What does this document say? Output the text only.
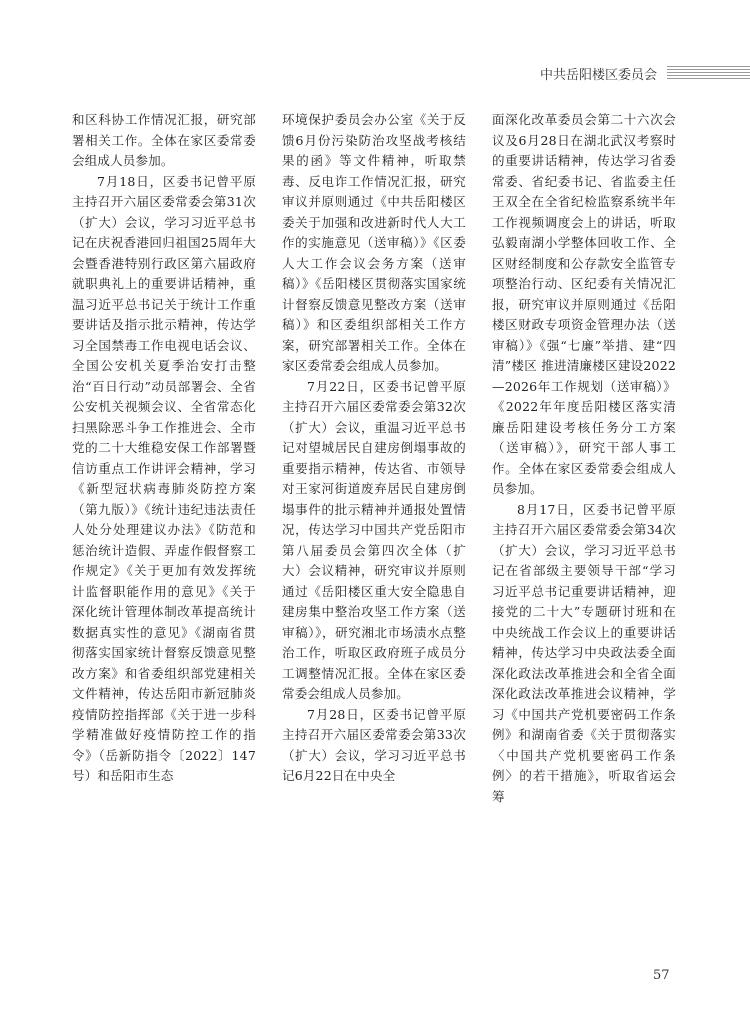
中共岳阳楼区委员会

和区科协工作情况汇报，研究部署相关工作。全体在家区委常委会组成人员参加。

7月18日，区委书记曾平原主持召开六届区委常委会第31次（扩大）会议，学习习近平总书记在庆祝香港回归祖国25周年大会暨香港特别行政区第六届政府就职典礼上的重要讲话精神，重温习近平总书记关于统计工作重要讲话及指示批示精神，传达学习全国禁毒工作电视电话会议、全国公安机关夏季治安打击整治“百日行动”动员部署会、全省公安机关视频会议、全省常态化扫黑除恶斗争工作推进会、全市党的二十大维稳安保工作部署暨信访重点工作讲评会精神，学习《新型冠状病毒肺炎防控方案（第九版）》《统计违纪违法责任人处分处理建议办法》《防范和惩治统计造假、弄虚作假督察工作规定》《关于更加有效发挥统计监督职能作用的意见》《关于深化统计管理体制改革提高统计数据真实性的意见》《湖南省贯彻落实国家统计督察反馈意见整改方案》和省委组织部党建相关文件精神，传达岳阳市新冠肺炎疫情防控指挥部《关于进一步科学精准做好疫情防控工作的指令》（岳新防指令〔2022〕147号）和岳阳市生态

环境保护委员会办公室《关于反馈6月份污染防治攻坚战考核结果的函》等文件精神，听取禁毒、反电诈工作情况汇报，研究审议并原则通过《中共岳阳楼区委关于加强和改进新时代人大工作的实施意见（送审稿）》《区委人大工作会议会务方案（送审稿）》《岳阳楼区贯彻落实国家统计督察反馈意见整改方案（送审稿）》和区委组织部相关工作方案，研究部署相关工作。全体在家区委常委会组成人员参加。

7月22日，区委书记曾平原主持召开六届区委常委会第32次（扩大）会议，重温习近平总书记对望城居民自建房倒塌事故的重要指示精神，传达省、市领导对王家河街道废弃居民自建房倒塌事件的批示精神并通报处置情况，传达学习中国共产党岳阳市第八届委员会第四次全体（扩大）会议精神，研究审议并原则通过《岳阳楼区重大安全隐患自建房集中整治攻坚工作方案（送审稿）》，研究湘北市场渍水点整治工作，听取区政府班子成员分工调整情况汇报。全体在家区委常委会组成人员参加。

7月28日，区委书记曾平原主持召开六届区委常委会第33次（扩大）会议，学习习近平总书记6月22日在中央全

面深化改革委员会第二十六次会议及6月28日在湖北武汉考察时的重要讲话精神，传达学习省委常委、省纪委书记、省监委主任王双全在全省纪检监察系统半年工作视频调度会上的讲话，听取弘毅南湖小学整体回收工作、全区财经制度和公存款安全监管专项整治行动、区纪委有关情况汇报，研究审议并原则通过《岳阳楼区财政专项资金管理办法（送审稿）》《强“七廉”举措、建“四清”楼区 推进清廉楼区建设2022—2026年工作规划（送审稿）》《2022年年度岳阳楼区落实清廉岳阳建设考核任务分工方案（送审稿）》，研究干部人事工作。全体在家区委常委会组成人员参加。

8月17日，区委书记曾平原主持召开六届区委常委会第34次（扩大）会议，学习习近平总书记在省部级主要领导干部“学习习近平总书记重要讲话精神，迎接党的二十大”专题研讨班和在中央统战工作会议上的重要讲话精神，传达学习中央政法委全面深化政法改革推进会和全省全面深化政法改革推进会议精神，学习《中国共产党机要密码工作条例》和湖南省委《关于贯彻落实〈中国共产党机要密码工作条例〉的若干措施》，听取省运会筹

57
